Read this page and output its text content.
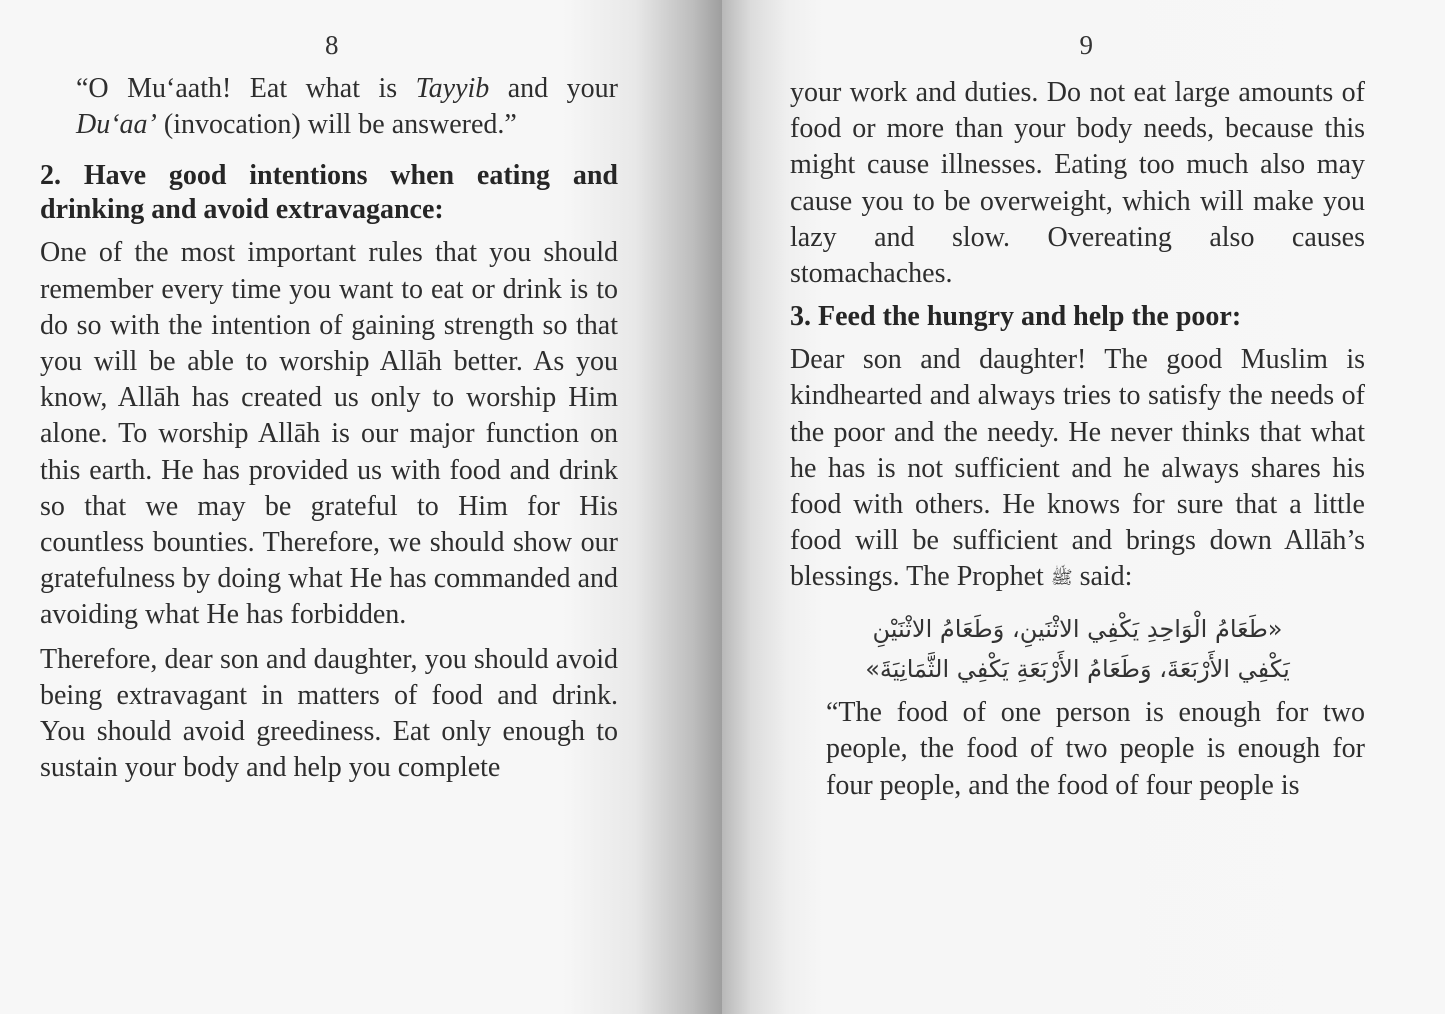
8

“O Mu‘aath! Eat what is Tayyib and your Du‘aa’ (invocation) will be answered.”

2. Have good intentions when eating and drinking and avoid extravagance:

One of the most important rules that you should remember every time you want to eat or drink is to do so with the intention of gaining strength so that you will be able to worship Allāh better. As you know, Allāh has created us only to worship Him alone. To worship Allāh is our major function on this earth. He has provided us with food and drink so that we may be grateful to Him for His countless bounties. Therefore, we should show our gratefulness by doing what He has commanded and avoiding what He has forbidden.

Therefore, dear son and daughter, you should avoid being extravagant in matters of food and drink. You should avoid greediness. Eat only enough to sustain your body and help you complete

9

your work and duties. Do not eat large amounts of food or more than your body needs, because this might cause illnesses. Eating too much also may cause you to be overweight, which will make you lazy and slow. Overeating also causes stomachaches.

3. Feed the hungry and help the poor:

Dear son and daughter! The good Muslim is kindhearted and always tries to satisfy the needs of the poor and the needy. He never thinks that what he has is not sufficient and he always shares his food with others. He knows for sure that a little food will be sufficient and brings down Allāh’s blessings. The Prophet ﷺ said:

«طَعَامُ الْوَاحِدِ يَكْفِي الاثْنَينِ، وَطَعَامُ الاثْنَيْنِ
يَكْفِي الأَرْبَعَةَ، وَطَعَامُ الأَرْبَعَةِ يَكْفِي الثَّمَانِيَةَ»

“The food of one person is enough for two people, the food of two people is enough for four people, and the food of four people is
